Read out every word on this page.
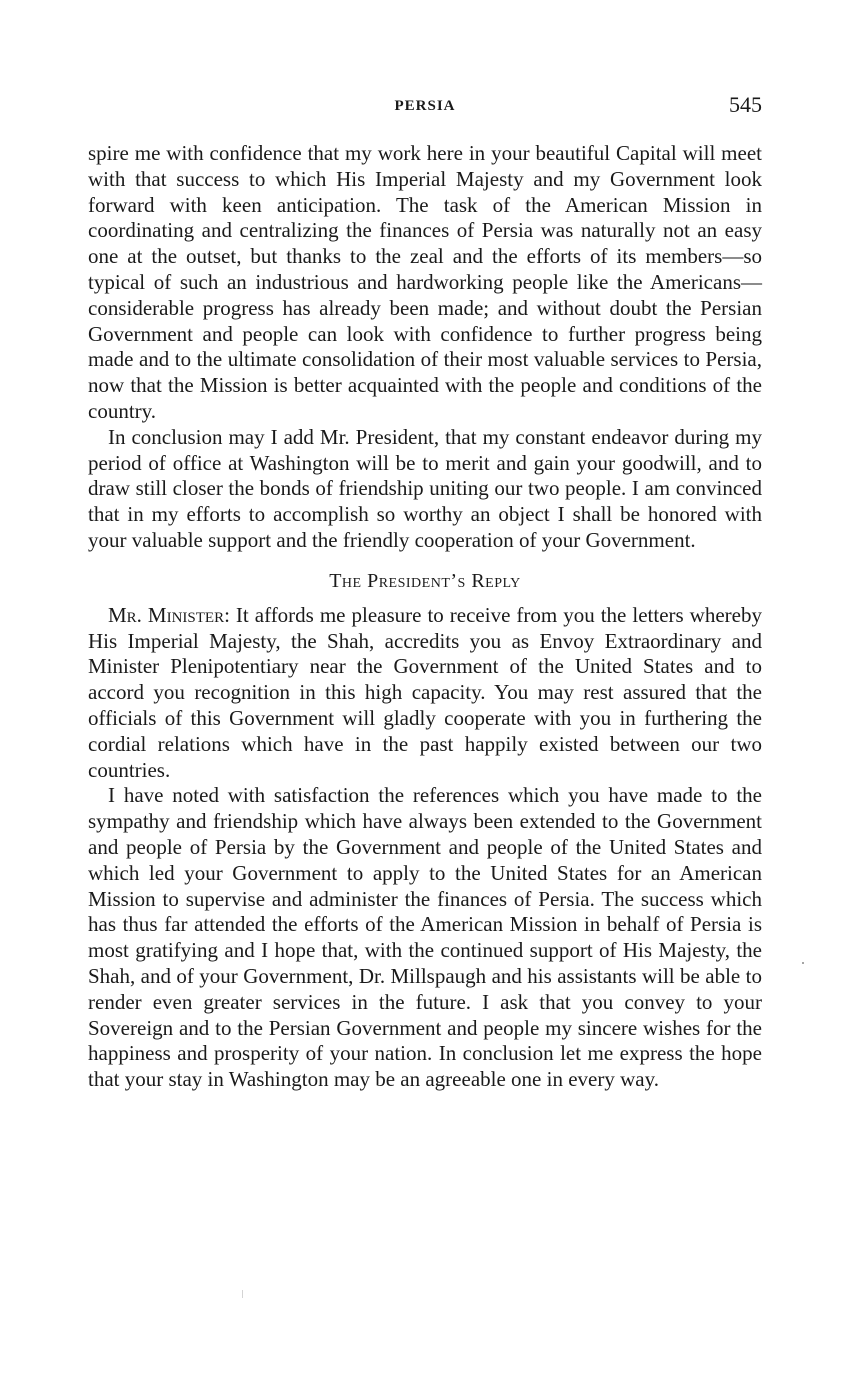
PERSIA	545

spire me with confidence that my work here in your beautiful Capital will meet with that success to which His Imperial Majesty and my Government look forward with keen anticipation. The task of the American Mission in coordinating and centralizing the finances of Persia was naturally not an easy one at the outset, but thanks to the zeal and the efforts of its members—so typical of such an industrious and hardworking people like the Americans—considerable progress has already been made; and without doubt the Persian Government and people can look with confidence to further progress being made and to the ultimate consolidation of their most valuable services to Persia, now that the Mission is better acquainted with the people and conditions of the country.

In conclusion may I add Mr. President, that my constant endeavor during my period of office at Washington will be to merit and gain your goodwill, and to draw still closer the bonds of friendship uniting our two people. I am convinced that in my efforts to accomplish so worthy an object I shall be honored with your valuable support and the friendly cooperation of your Government.

The President’s Reply

Mr. Minister: It affords me pleasure to receive from you the letters whereby His Imperial Majesty, the Shah, accredits you as Envoy Extraordinary and Minister Plenipotentiary near the Government of the United States and to accord you recognition in this high capacity. You may rest assured that the officials of this Government will gladly cooperate with you in furthering the cordial relations which have in the past happily existed between our two countries.

I have noted with satisfaction the references which you have made to the sympathy and friendship which have always been extended to the Government and people of Persia by the Government and people of the United States and which led your Government to apply to the United States for an American Mission to supervise and administer the finances of Persia. The success which has thus far attended the efforts of the American Mission in behalf of Persia is most gratifying and I hope that, with the continued support of His Majesty, the Shah, and of your Government, Dr. Millspaugh and his assistants will be able to render even greater services in the future. I ask that you convey to your Sovereign and to the Persian Government and people my sincere wishes for the happiness and prosperity of your nation. In conclusion let me express the hope that your stay in Washington may be an agreeable one in every way.
